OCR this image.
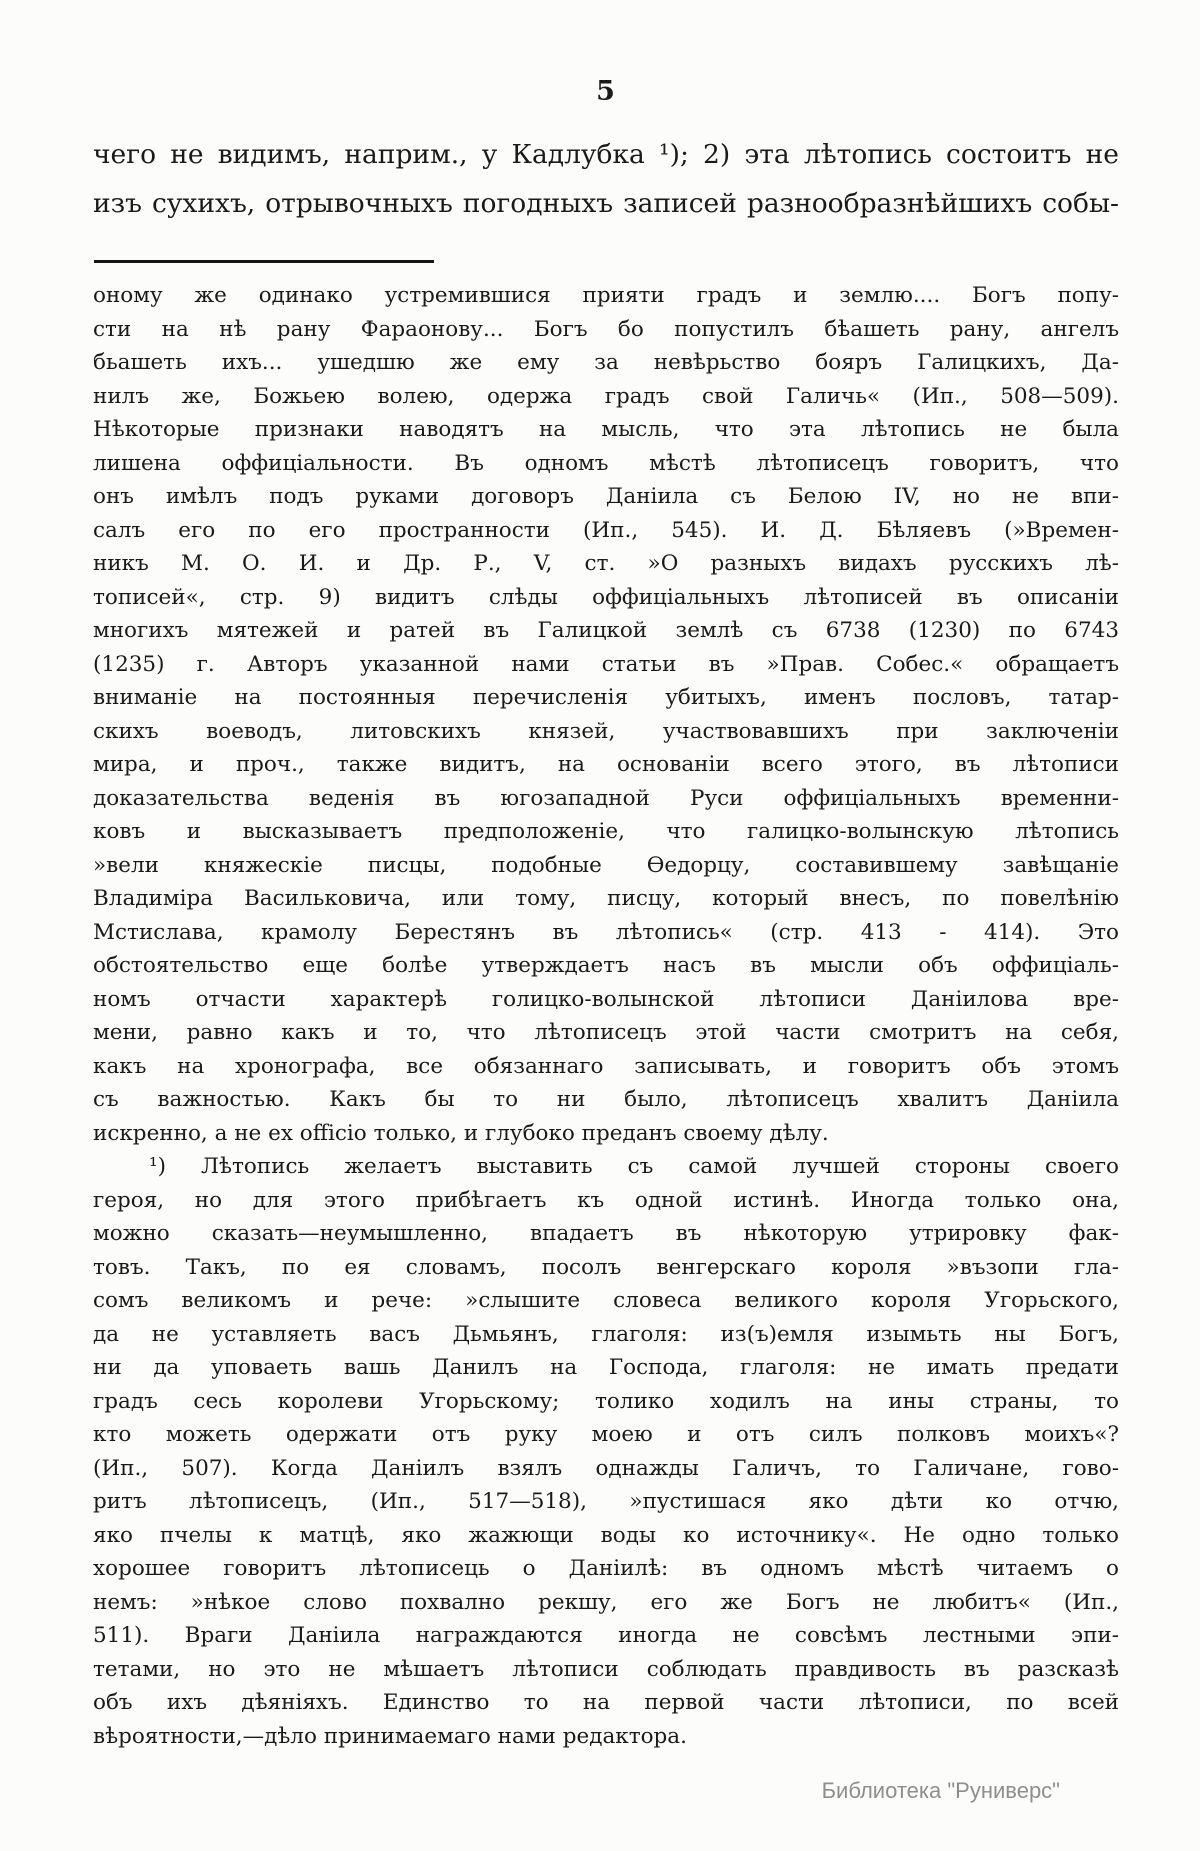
5
чего не видимъ, наприм., у Кадлубка ¹); 2) эта лѣтопись состоитъ не
изъ сухихъ, отрывочныхъ погодныхъ записей разнообразнѣйшихъ собы-

оному же одинако устремившися прияти градъ и землю.... Богъ попу-
сти на нѣ рану Фараонову... Богъ бо попустилъ бѣашеть рану, ангелъ
бьашеть ихъ... ушедшю же ему за невѣрьство бояръ Галицкихъ, Да-
нилъ же, Божьею волею, одержа градъ свой Галичь« (Ип., 508—509).
Нѣкоторые признаки наводятъ на мысль, что эта лѣтопись не была
лишена оффиціальности. Въ одномъ мѣстѣ лѣтописецъ говоритъ, что
онъ имѣлъ подъ руками договоръ Даніила съ Белою IV, но не впи-
салъ его по его пространности (Ип., 545). И. Д. Бѣляевъ (»Времен-
никъ М. О. И. и Др. Р., V, ст. »О разныхъ видахъ русскихъ лѣ-
тописей«, стр. 9) видитъ слѣды оффиціальныхъ лѣтописей въ описаніи
многихъ мятежей и ратей въ Галицкой землѣ съ 6738 (1230) по 6743
(1235) г. Авторъ указанной нами статьи въ »Прав. Собес.« обращаетъ
вниманіе на постоянныя перечисленія убитыхъ, именъ пословъ, татар-
скихъ воеводъ, литовскихъ князей, участвовавшихъ при заключеніи
мира, и проч., также видитъ, на основаніи всего этого, въ лѣтописи
доказательства веденія въ югозападной Руси оффиціальныхъ временни-
ковъ и высказываетъ предположеніе, что галицко-волынскую лѣтопись
»вели княжескіе писцы, подобные Ѳедорцу, составившему завѣщаніе
Владиміра Васильковича, или тому, писцу, который внесъ, по повелѣнію
Мстислава, крамолу Берестянъ въ лѣтопись« (стр. 413 - 414). Это
обстоятельство еще болѣе утверждаетъ насъ въ мысли объ оффиціаль-
номъ отчасти характерѣ голицко-волынской лѣтописи Даніилова вре-
мени, равно какъ и то, что лѣтописецъ этой части смотритъ на себя,
какъ на хронографа, все обязаннаго записывать, и говоритъ объ этомъ
съ важностью. Какъ бы то ни было, лѣтописецъ хвалитъ Даніила
искренно, а не ex officio только, и глубоко преданъ своему дѣлу.

¹) Лѣтопись желаетъ выставить съ самой лучшей стороны своего
героя, но для этого прибѣгаетъ къ одной истинѣ. Иногда только она,
можно сказать—неумышленно, впадаетъ въ нѣкоторую утрировку фак-
товъ. Такъ, по ея словамъ, посолъ венгерскаго короля »възопи гла-
сомъ великомъ и рече: »слышите словеса великого короля Угорьского,
да не уставляеть васъ Дьмьянъ, глаголя: из(ъ)емля изымьть ны Богъ,
ни да уповаеть вашь Данилъ на Господа, глаголя: не имать предати
градъ сесь королеви Угорьскому; толико ходилъ на ины страны, то
кто можеть одержати отъ руку моею и отъ силъ полковъ моихъ«?
(Ип., 507). Когда Даніилъ взялъ однажды Галичъ, то Галичане, гово-
ритъ лѣтописецъ, (Ип., 517—518), »пустишася яко дѣти ко отчю,
яко пчелы к матцѣ, яко жажющи воды ко источнику«. Не одно только
хорошее говоритъ лѣтописець о Даніилѣ: въ одномъ мѣстѣ читаемъ о
немъ: »нѣкое слово похвално рекшу, его же Богъ не любитъ« (Ип.,
511). Враги Даніила награждаются иногда не совсѣмъ лестными эпи-
тетами, но это не мѣшаетъ лѣтописи соблюдать правдивость въ разсказѣ
объ ихъ дѣяніяхъ. Единство то на первой части лѣтописи, по всей
вѣроятности,—дѣло принимаемаго нами редактора.

Библиотека "Руниверс"
